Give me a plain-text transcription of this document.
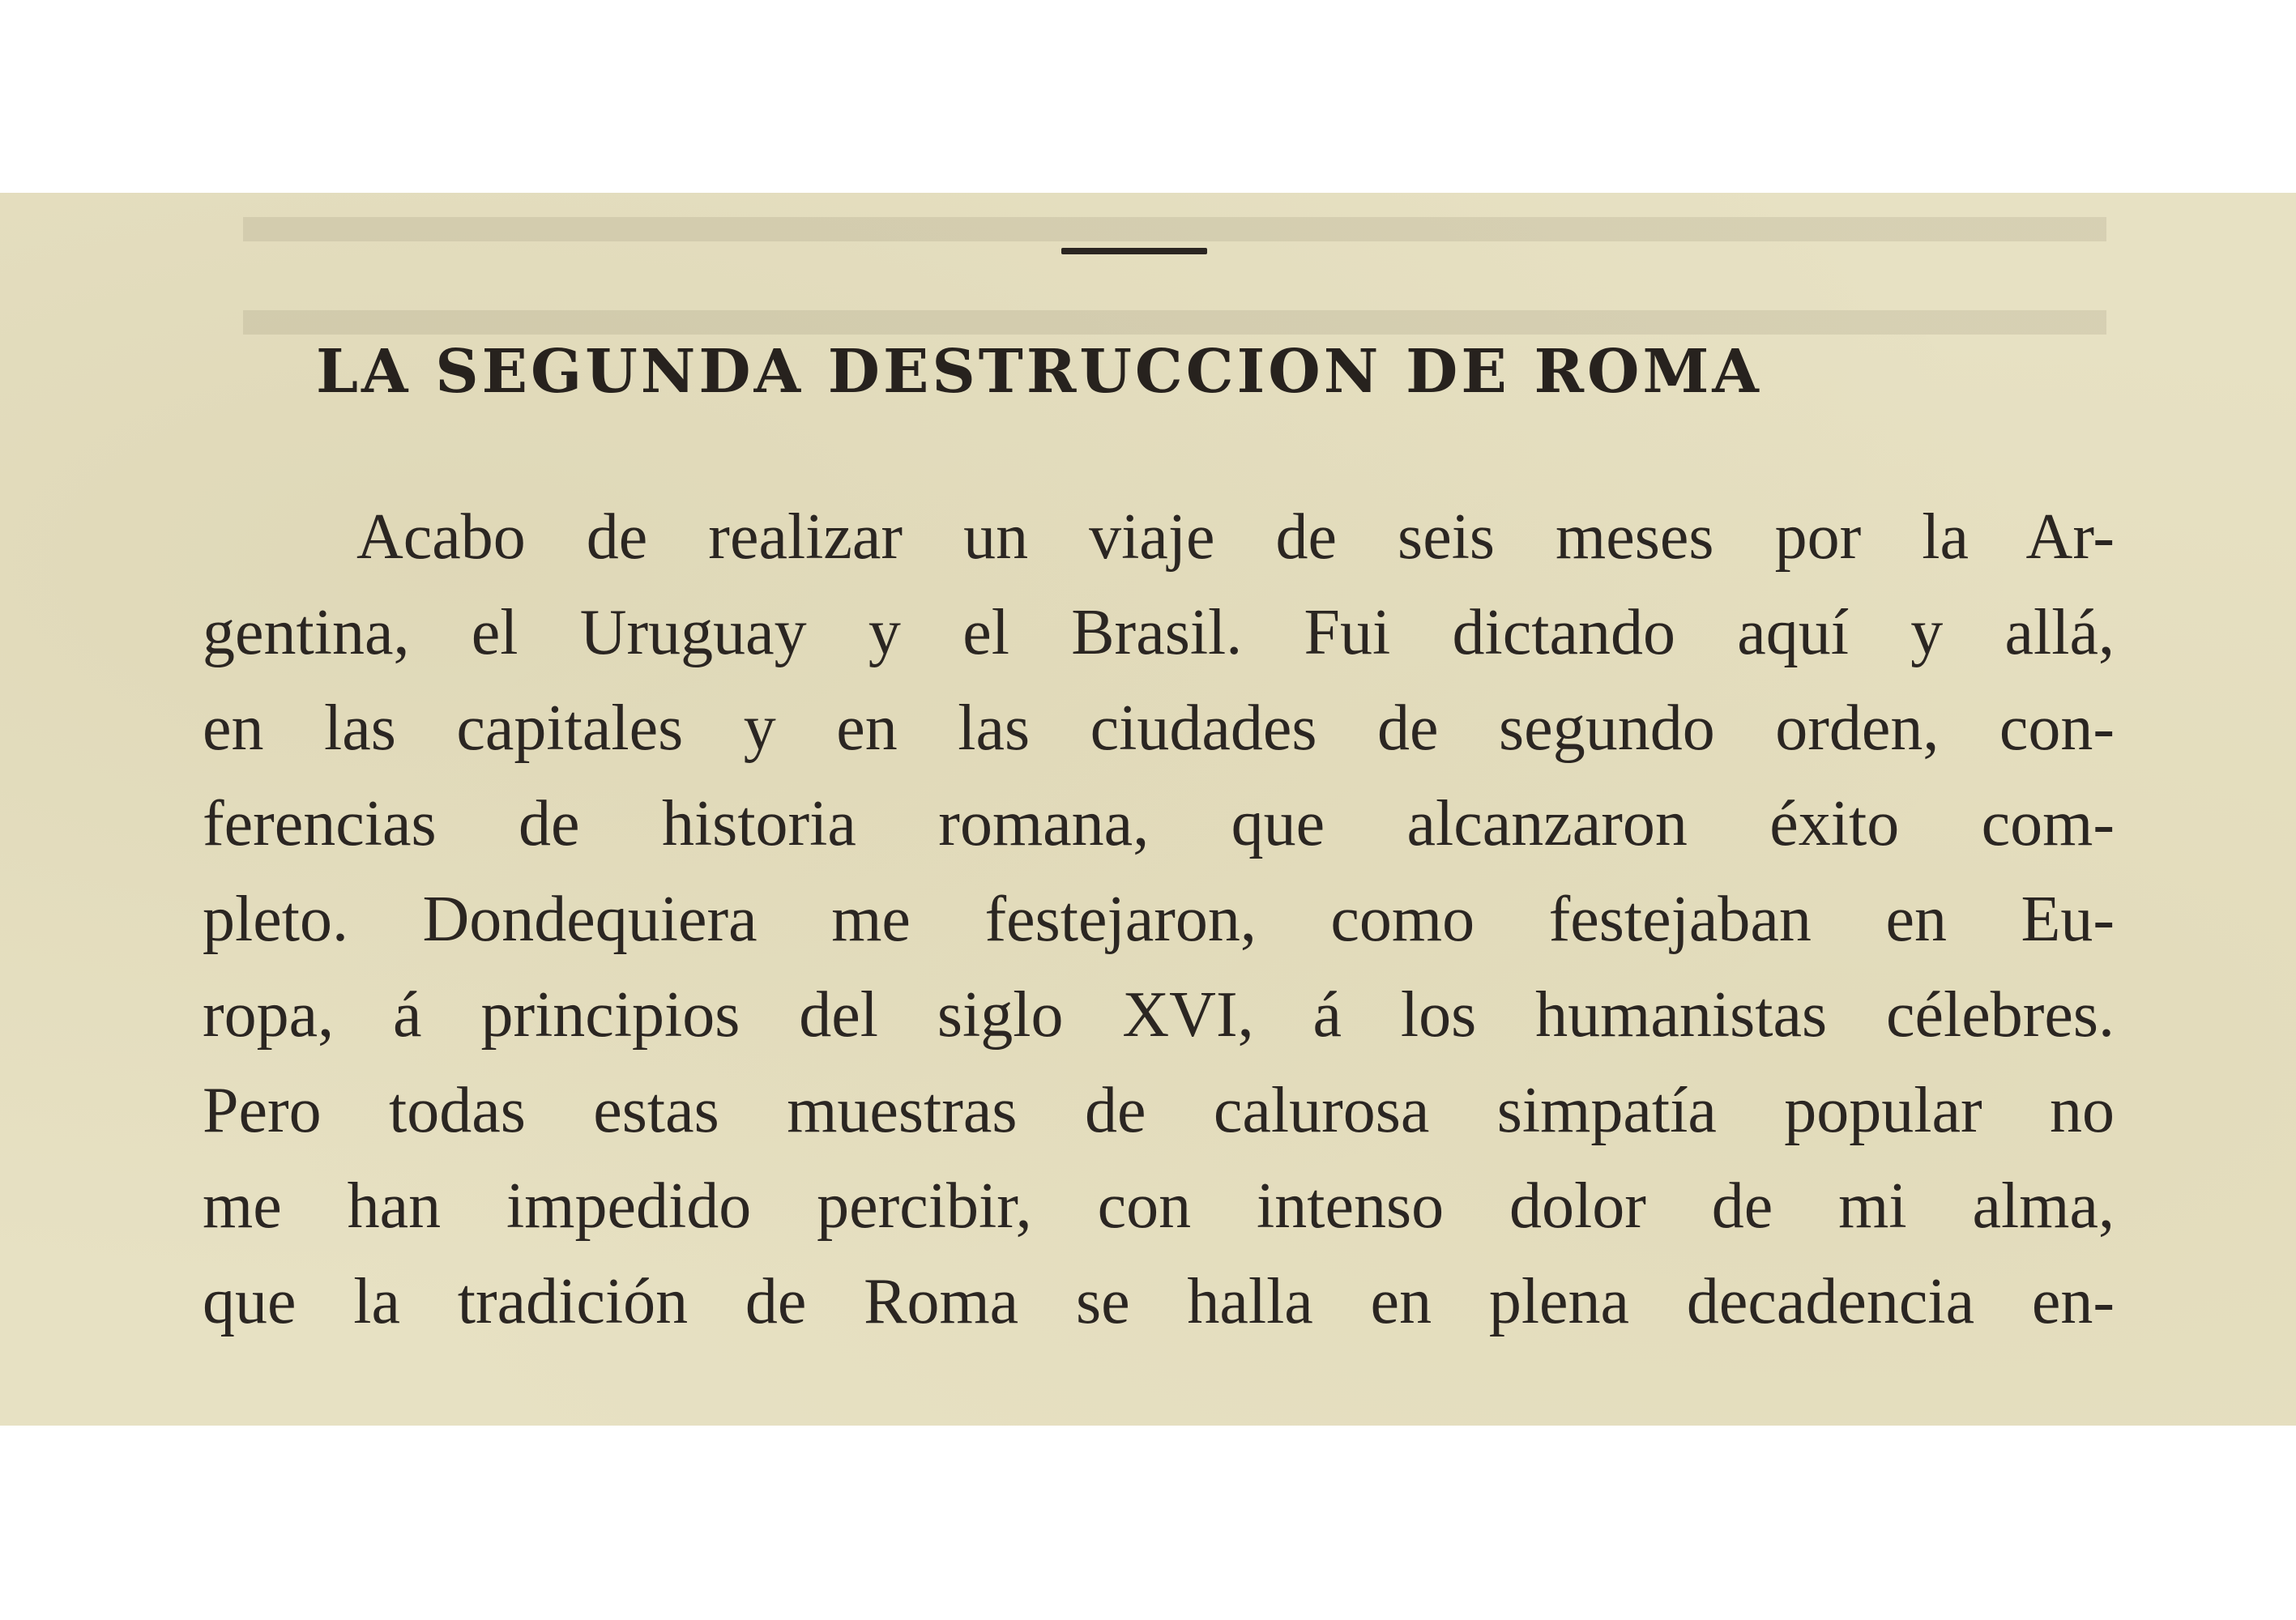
LA SEGUNDA DESTRUCCION DE ROMA
Acabo de realizar un viaje de seis meses por la Ar-
gentina, el Uruguay y el Brasil. Fui dictando aquí y allá,
en las capitales y en las ciudades de segundo orden, con-
ferencias de historia romana, que alcanzaron éxito com-
pleto. Dondequiera me festejaron, como festejaban en Eu-
ropa, á principios del siglo XVI, á los humanistas célebres.
Pero todas estas muestras de calurosa simpatía popular no
me han impedido percibir, con intenso dolor de mi alma,
que la tradición de Roma se halla en plena decadencia en-
